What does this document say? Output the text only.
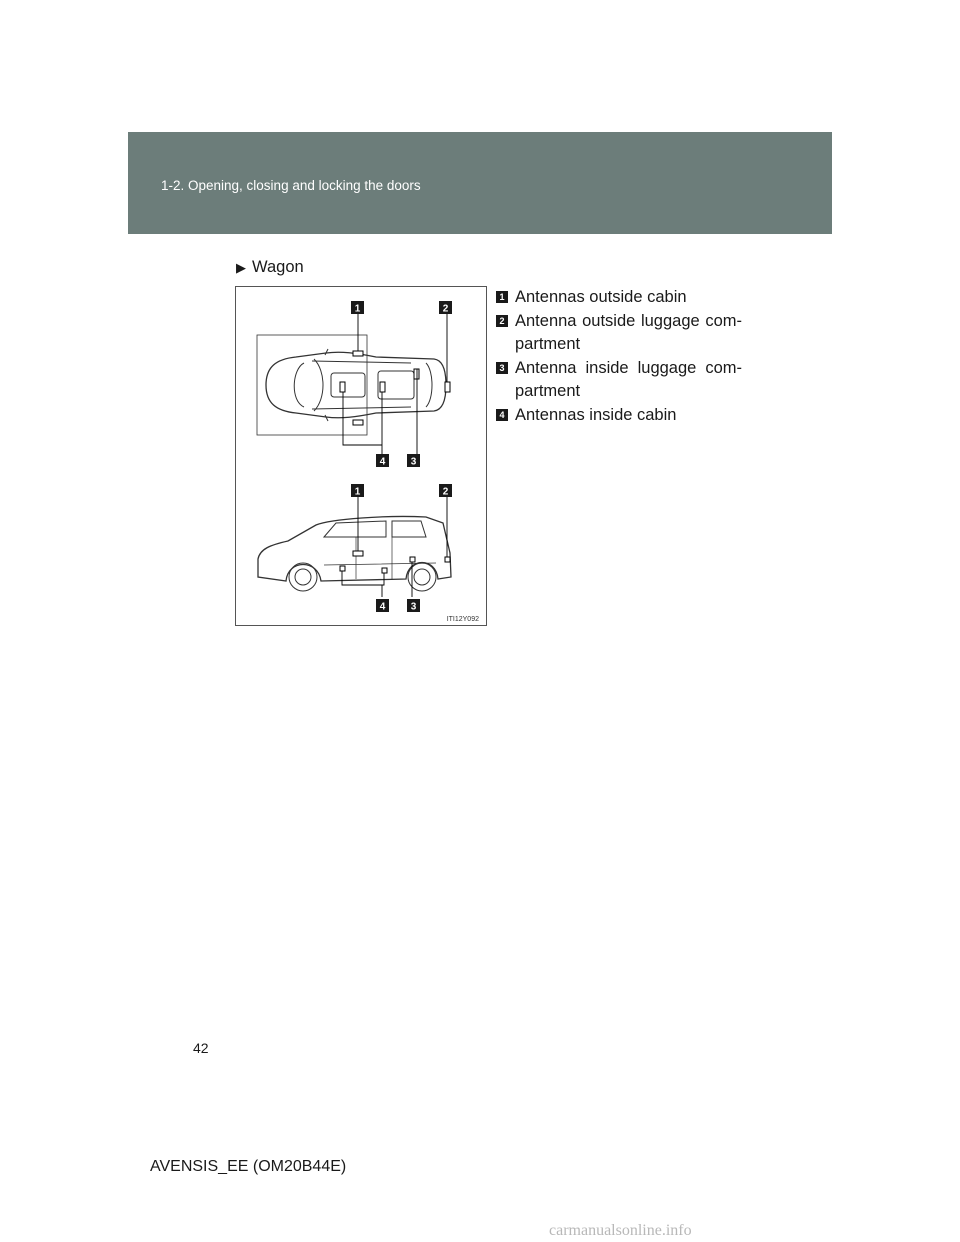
1-2. Opening, closing and locking the doors
▶ Wagon
1	2
4	3
1	2
4	3
ITI12Y092
1 Antennas outside cabin
2 Antenna outside luggage com-partment
3 Antenna inside luggage com-partment
4 Antennas inside cabin
42
AVENSIS_EE (OM20B44E)
carmanualsonline.info
